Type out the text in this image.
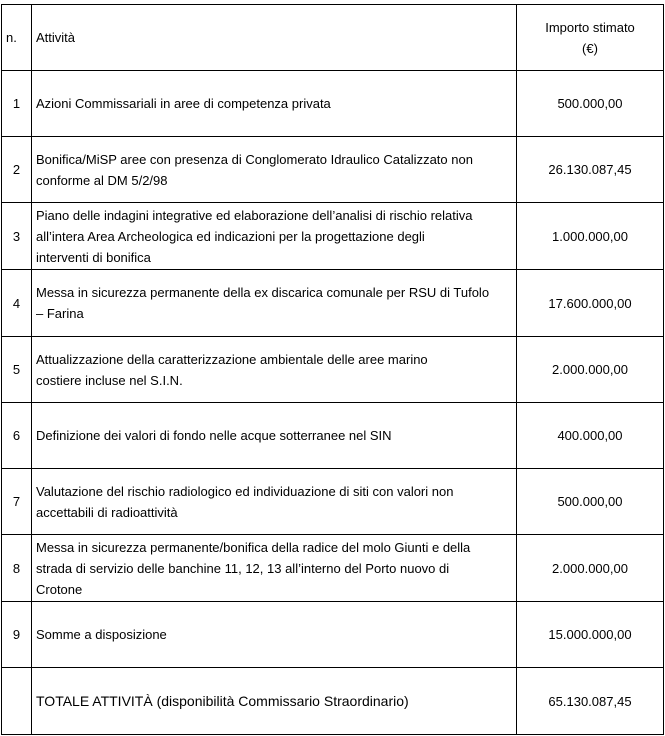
n.	Attività	Importo stimato
(€)

1	Azioni Commissariali in aree di competenza privata	500.000,00
2	Bonifica/MiSP aree con presenza di Conglomerato Idraulico Catalizzato non
conforme al DM 5/2/98	26.130.087,45
3	Piano delle indagini integrative ed elaborazione dell’analisi di rischio relativa
all’intera Area Archeologica ed indicazioni per la progettazione degli
interventi di bonifica	1.000.000,00
4	Messa in sicurezza permanente della ex discarica comunale per RSU di Tufolo
– Farina	17.600.000,00
5	Attualizzazione della caratterizzazione ambientale delle aree marino
costiere incluse nel S.I.N.	2.000.000,00
6	Definizione dei valori di fondo nelle acque sotterranee nel SIN	400.000,00
7	Valutazione del rischio radiologico ed individuazione di siti con valori non
accettabili di radioattività	500.000,00
8	Messa in sicurezza permanente/bonifica della radice del molo Giunti e della
strada di servizio delle banchine 11, 12, 13 all’interno del Porto nuovo di
Crotone	2.000.000,00
9	Somme a disposizione	15.000.000,00
	TOTALE ATTIVITÀ (disponibilità Commissario Straordinario)	65.130.087,45
